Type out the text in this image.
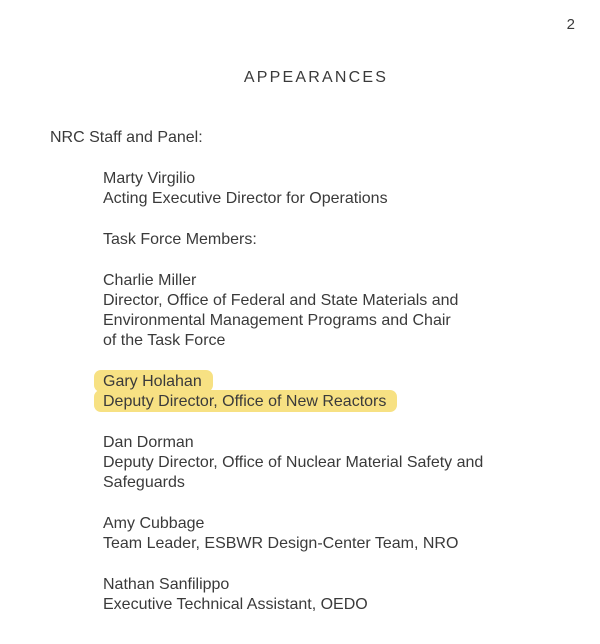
2
APPEARANCES
NRC Staff and Panel:
Marty Virgilio
Acting Executive Director for Operations
Task Force Members:
Charlie Miller
Director, Office of Federal and State Materials and
Environmental Management Programs and Chair
of the Task Force
Gary Holahan
Deputy Director, Office of New Reactors
Dan Dorman
Deputy Director, Office of Nuclear Material Safety and
Safeguards
Amy Cubbage
Team Leader, ESBWR Design-Center Team, NRO
Nathan Sanfilippo
Executive Technical Assistant, OEDO
